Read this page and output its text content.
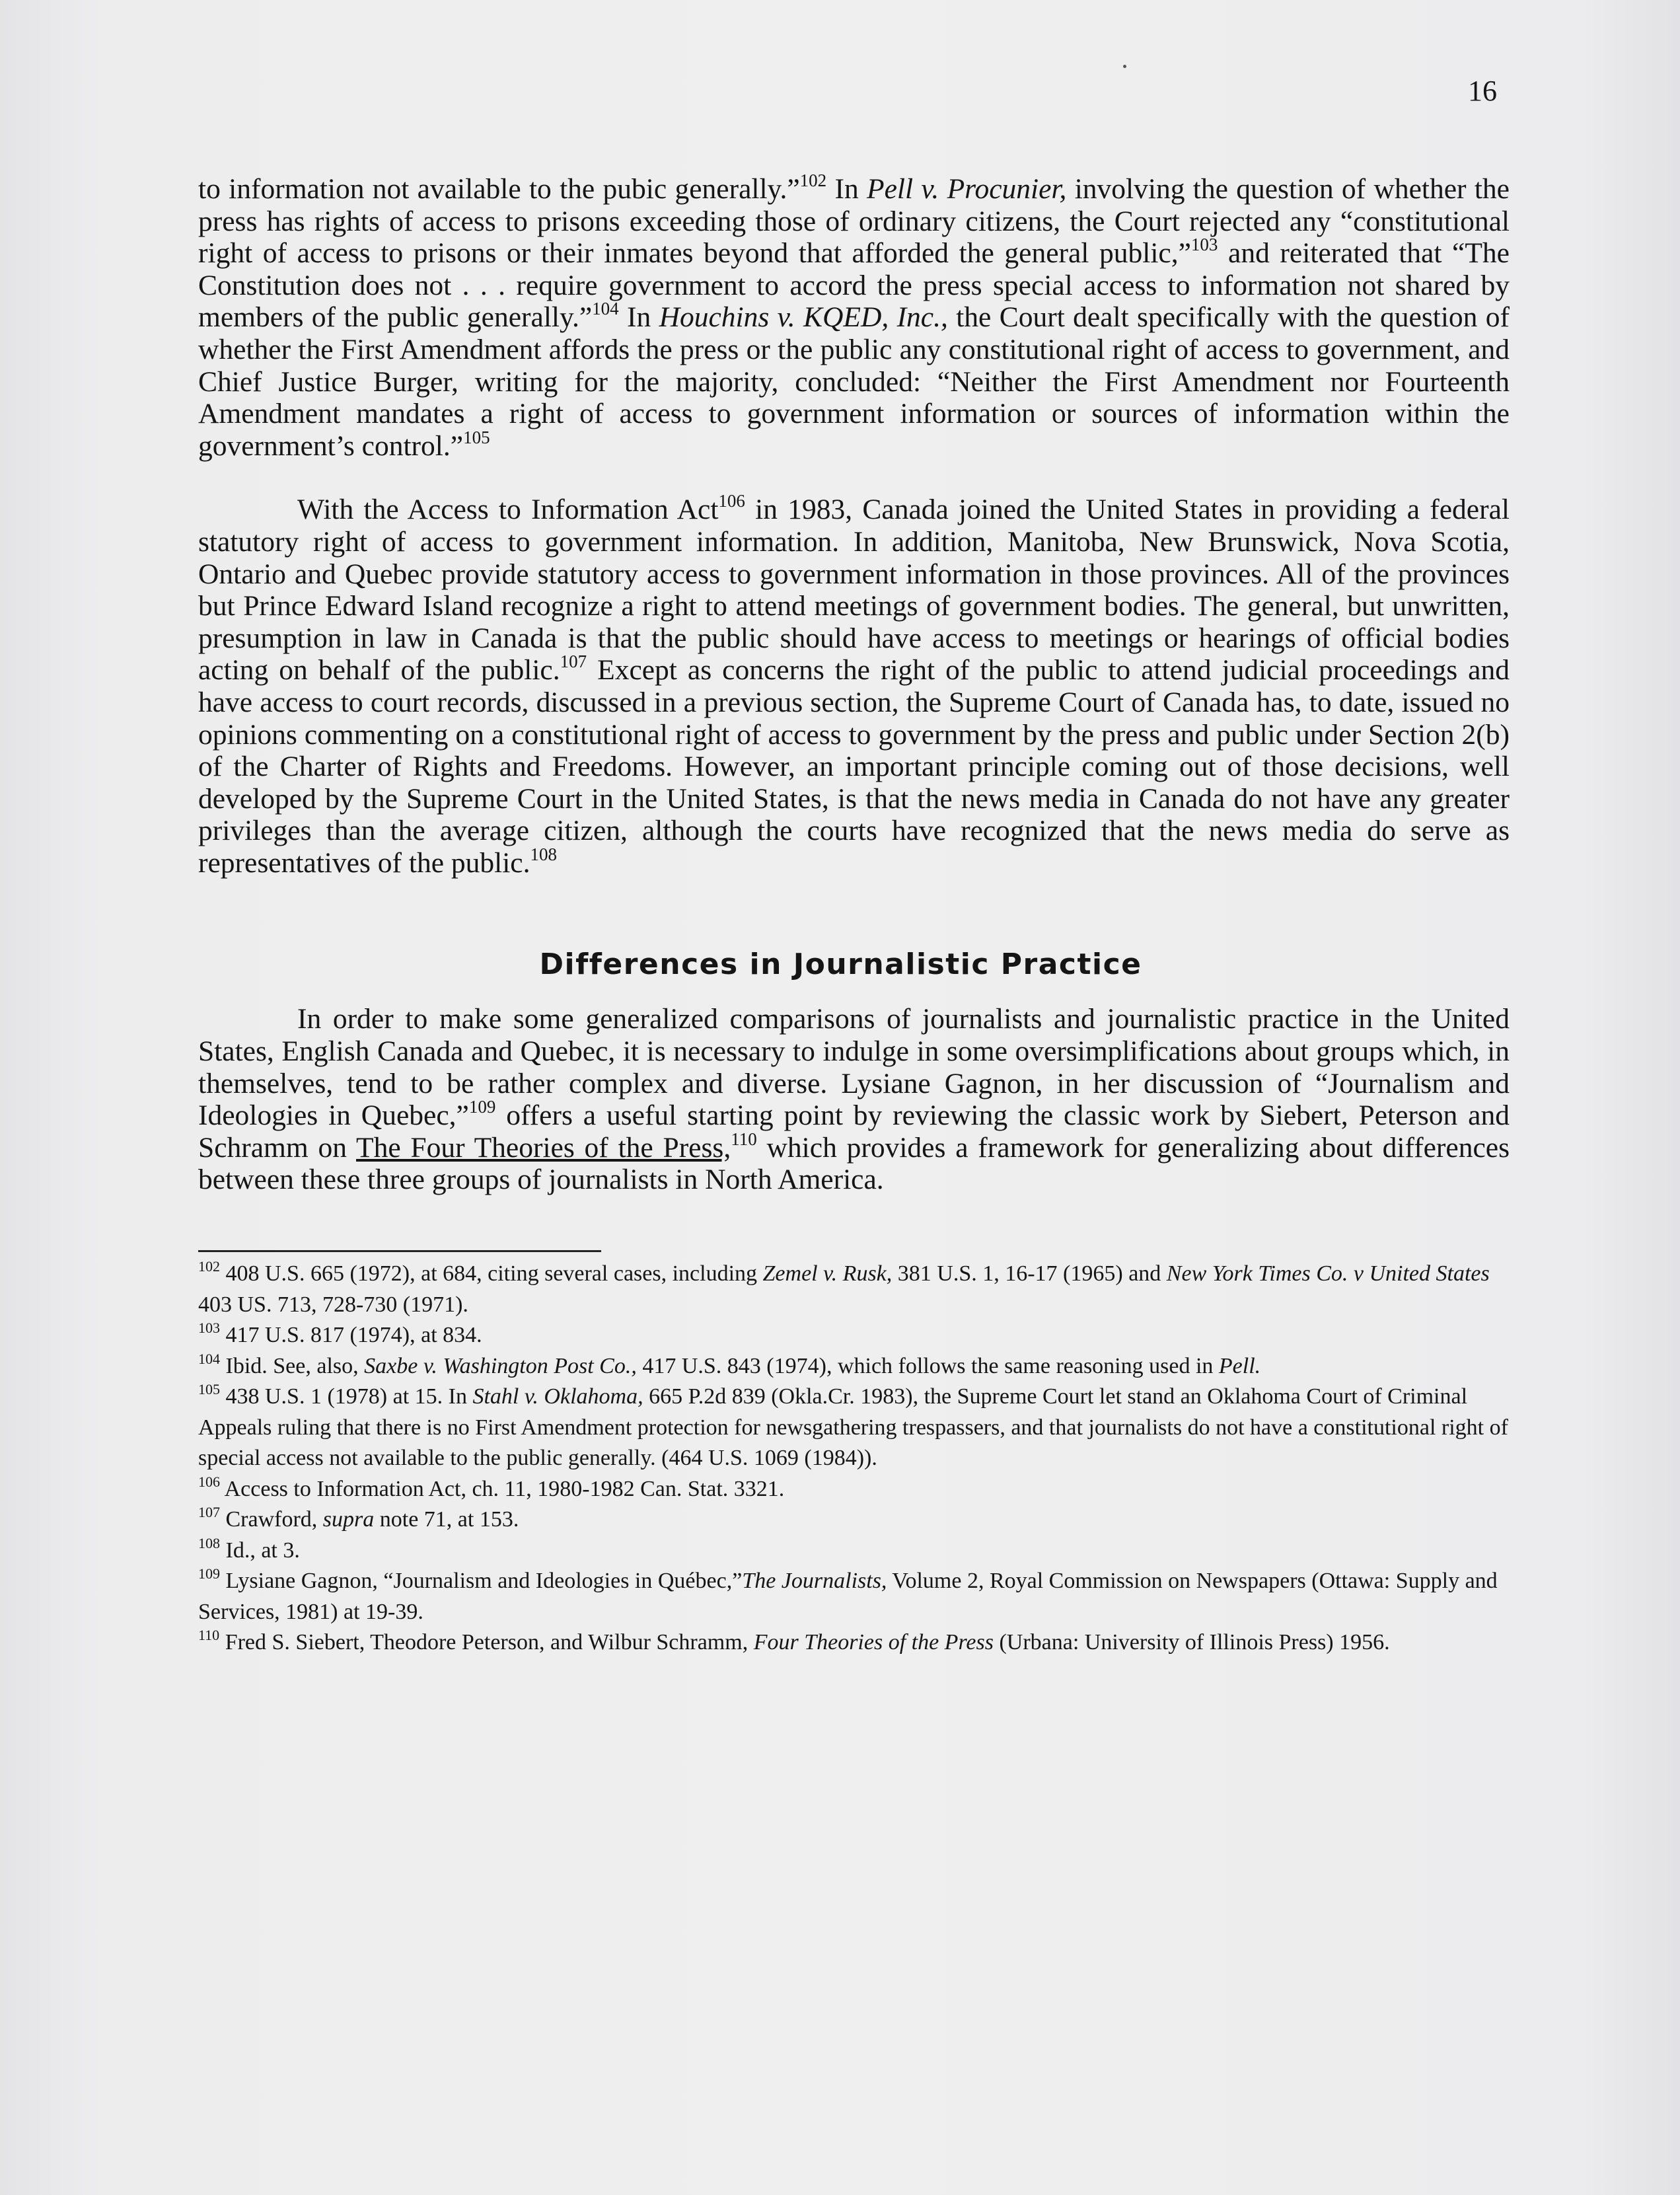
16

to information not available to the pubic generally.”$^{102}$ In Pell v. Procunier, involving the question of whether the press has rights of access to prisons exceeding those of ordinary citizens, the Court rejected any “constitutional right of access to prisons or their inmates beyond that afforded the general public,”$^{103}$ and reiterated that “The Constitution does not . . . require government to accord the press special access to information not shared by members of the public generally.”$^{104}$ In Houchins v. KQED, Inc., the Court dealt specifically with the question of whether the First Amendment affords the press or the public any constitutional right of access to government, and Chief Justice Burger, writing for the majority, concluded: “Neither the First Amendment nor Fourteenth Amendment mandates a right of access to government information or sources of information within the government’s control.”$^{105}$

With the Access to Information Act$^{106}$ in 1983, Canada joined the United States in providing a federal statutory right of access to government information. In addition, Manitoba, New Brunswick, Nova Scotia, Ontario and Quebec provide statutory access to government information in those provinces. All of the provinces but Prince Edward Island recognize a right to attend meetings of government bodies. The general, but unwritten, presumption in law in Canada is that the public should have access to meetings or hearings of official bodies acting on behalf of the public.$^{107}$ Except as concerns the right of the public to attend judicial proceedings and have access to court records, discussed in a previous section, the Supreme Court of Canada has, to date, issued no opinions commenting on a constitutional right of access to government by the press and public under Section 2(b) of the Charter of Rights and Freedoms. However, an important principle coming out of those decisions, well developed by the Supreme Court in the United States, is that the news media in Canada do not have any greater privileges than the average citizen, although the courts have recognized that the news media do serve as representatives of the public.$^{108}$

Differences in Journalistic Practice

In order to make some generalized comparisons of journalists and journalistic practice in the United States, English Canada and Quebec, it is necessary to indulge in some oversimplifications about groups which, in themselves, tend to be rather complex and diverse. Lysiane Gagnon, in her discussion of “Journalism and Ideologies in Quebec,”$^{109}$ offers a useful starting point by reviewing the classic work by Siebert, Peterson and Schramm on The Four Theories of the Press,$^{110}$ which provides a framework for generalizing about differences between these three groups of journalists in North America.

$^{102}$ 408 U.S. 665 (1972), at 684, citing several cases, including Zemel v. Rusk, 381 U.S. 1, 16-17 (1965) and New York Times Co. v United States 403 US. 713, 728-730 (1971).

$^{103}$ 417 U.S. 817 (1974), at 834.

$^{104}$ Ibid. See, also, Saxbe v. Washington Post Co., 417 U.S. 843 (1974), which follows the same reasoning used in Pell.

$^{105}$ 438 U.S. 1 (1978) at 15. In Stahl v. Oklahoma, 665 P.2d 839 (Okla.Cr. 1983), the Supreme Court let stand an Oklahoma Court of Criminal Appeals ruling that there is no First Amendment protection for newsgathering trespassers, and that journalists do not have a constitutional right of special access not available to the public generally. (464 U.S. 1069 (1984)).

$^{106}$ Access to Information Act, ch. 11, 1980-1982 Can. Stat. 3321.

$^{107}$ Crawford, supra note 71, at 153.

$^{108}$ Id., at 3.

$^{109}$ Lysiane Gagnon, “Journalism and Ideologies in Québec,”The Journalists, Volume 2, Royal Commission on Newspapers (Ottawa: Supply and Services, 1981) at 19-39.

$^{110}$ Fred S. Siebert, Theodore Peterson, and Wilbur Schramm, Four Theories of the Press (Urbana: University of Illinois Press) 1956.
